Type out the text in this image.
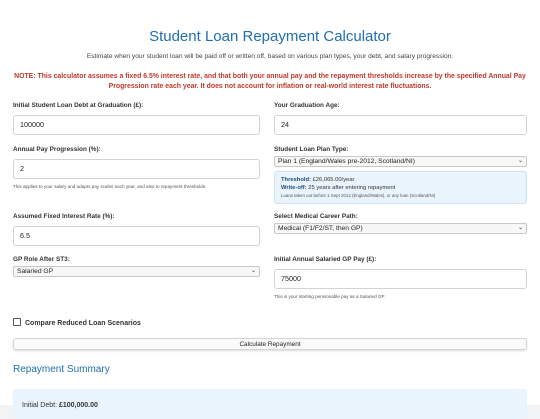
Student Loan Repayment Calculator
Estimate when your student loan will be paid off or written off, based on various plan types, your debt, and salary progression.
NOTE: This calculator assumes a fixed 6.5% interest rate, and that both your annual pay and the repayment thresholds increase by the specified Annual Pay
Progression rate each year. It does not account for inflation or real-world interest rate fluctuations.
Initial Student Loan Debt at Graduation (£):
100000
Your Graduation Age:
24
Annual Pay Progression (%):
2
This applies to your salary and adapts pay scales each year, and also to repayment thresholds.
Student Loan Plan Type:
Plan 1 (England/Wales pre-2012, Scotland/NI)	⌄
Threshold: £26,065.00/year
Write-off: 25 years after entering repayment
Loans taken out before 1 Sept 2012 (England/Wales), or any loan (Scotland/NI)
Assumed Fixed Interest Rate (%):
6.5
Select Medical Career Path:
Medical (F1/F2/ST, then GP)	⌄
GP Role After ST3:
Salaried GP	⌄
Initial Annual Salaried GP Pay (£):
75000
This is your starting pensionable pay as a Salaried GP
Compare Reduced Loan Scenarios
Calculate Repayment
Repayment Summary
Initial Debt: £100,000.00
